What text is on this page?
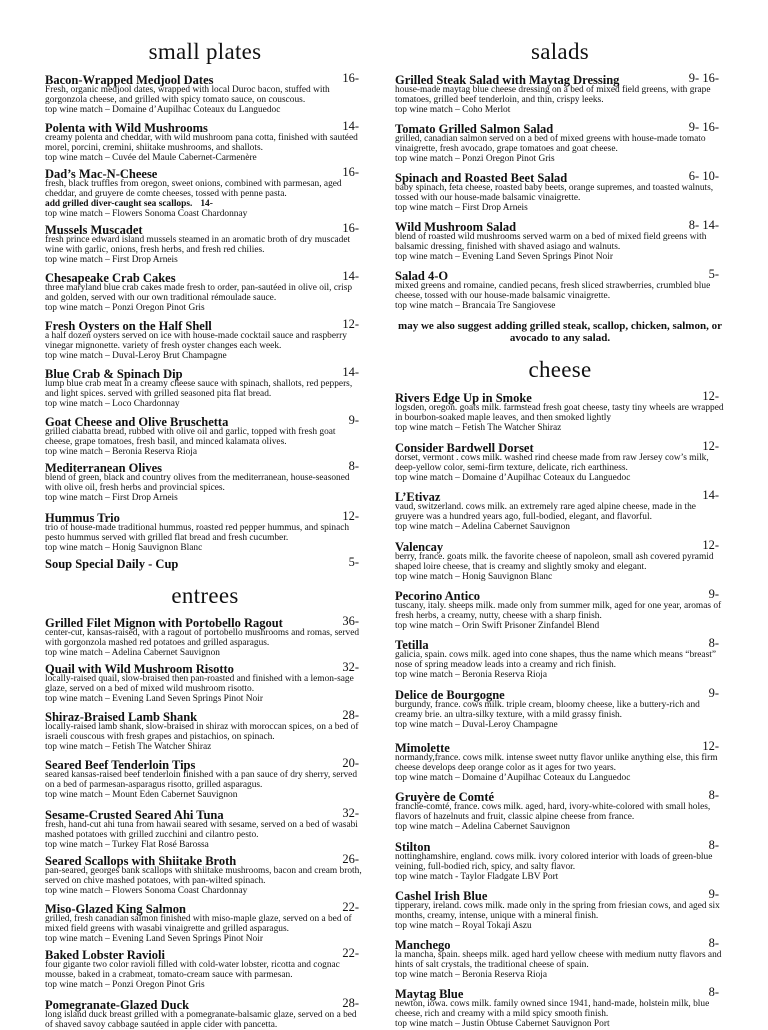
small plates
Bacon-Wrapped Medjool Dates	16-
Fresh, organic medjool dates, wrapped with local Duroc bacon, stuffed with gorgonzola cheese, and grilled with spicy tomato sauce, on couscous.
top wine match – Domaine d’Aupilhac Coteaux du Languedoc
Polenta with Wild Mushrooms	14-
creamy polenta and cheddar, with wild mushroom pana cotta, finished with sautéed morel, porcini, cremini, shiitake mushrooms, and shallots.
top wine match – Cuvée del Maule Cabernet-Carmenère
Dad’s Mac-N-Cheese	16-
fresh, black truffles from oregon, sweet onions, combined with parmesan, aged cheddar, and gruyere de comte cheeses, tossed with penne pasta.
add grilled diver-caught sea scallops. 14-
top wine match – Flowers Sonoma Coast Chardonnay
Mussels Muscadet	16-
fresh prince edward island mussels steamed in an aromatic broth of dry muscadet wine with garlic, onions, fresh herbs, and fresh red chilies.
top wine match – First Drop Arneis
Chesapeake Crab Cakes	14-
three maryland blue crab cakes made fresh to order, pan-sautéed in olive oil, crisp and golden, served with our own traditional rémoulade sauce.
top wine match – Ponzi Oregon Pinot Gris
Fresh Oysters on the Half Shell	12-
a half dozen oysters served on ice with house-made cocktail sauce and raspberry vinegar mignonette. variety of fresh oyster changes each week.
top wine match – Duval-Leroy Brut Champagne
Blue Crab & Spinach Dip	14-
lump blue crab meat in a creamy cheese sauce with spinach, shallots, red peppers, and light spices. served with grilled seasoned pita flat bread.
top wine match – Loco Chardonnay
Goat Cheese and Olive Bruschetta	9-
grilled ciabatta bread, rubbed with olive oil and garlic, topped with fresh goat cheese, grape tomatoes, fresh basil, and minced kalamata olives.
top wine match – Beronia Reserva Rioja
Mediterranean Olives	8-
blend of green, black and country olives from the mediterranean, house-seasoned with olive oil, fresh herbs and provincial spices.
top wine match – First Drop Arneis
Hummus Trio	12-
trio of house-made traditional hummus, roasted red pepper hummus, and spinach pesto hummus served with grilled flat bread and fresh cucumber.
top wine match – Honig Sauvignon Blanc
Soup Special Daily - Cup	5-
entrees
Grilled Filet Mignon with Portobello Ragout	36-
center-cut, kansas-raised, with a ragout of portobello mushrooms and romas, served with gorgonzola mashed red potatoes and grilled asparagus.
top wine match – Adelina Cabernet Sauvignon
Quail with Wild Mushroom Risotto	32-
locally-raised quail, slow-braised then pan-roasted and finished with a lemon-sage glaze, served on a bed of mixed wild mushroom risotto.
top wine match – Evening Land Seven Springs Pinot Noir
Shiraz-Braised Lamb Shank	28-
locally-raised lamb shank, slow-braised in shiraz with moroccan spices, on a bed of israeli couscous with fresh grapes and pistachios, on spinach.
top wine match – Fetish The Watcher Shiraz
Seared Beef Tenderloin Tips	20-
seared kansas-raised beef tenderloin finished with a pan sauce of dry sherry, served on a bed of parmesan-asparagus risotto, grilled asparagus.
top wine match – Mount Eden Cabernet Sauvignon
Sesame-Crusted Seared Ahi Tuna	32-
fresh, hand-cut ahi tuna from hawaii seared with sesame, served on a bed of wasabi mashed potatoes with grilled zucchini and cilantro pesto.
top wine match – Turkey Flat Rosé Barossa
Seared Scallops with Shiitake Broth	26-
pan-seared, georges bank scallops with shiitake mushrooms, bacon and cream broth, served on chive mashed potatoes, with pan-wilted spinach.
top wine match – Flowers Sonoma Coast Chardonnay
Miso-Glazed King Salmon	22-
grilled, fresh canadian salmon finished with miso-maple glaze, served on a bed of mixed field greens with wasabi vinaigrette and grilled asparagus.
top wine match – Evening Land Seven Springs Pinot Noir
Baked Lobster Ravioli	22-
four gigante two color ravioli filled with cold-water lobster, ricotta and cognac mousse, baked in a crabmeat, tomato-cream sauce with parmesan.
top wine match – Ponzi Oregon Pinot Gris
Pomegranate-Glazed Duck	28-
long island duck breast grilled with a pomegranate-balsamic glaze, served on a bed of shaved savoy cabbage sautéed in apple cider with pancetta.
salads
Grilled Steak Salad with Maytag Dressing	9- 16-
house-made maytag blue cheese dressing on a bed of mixed field greens, with grape tomatoes, grilled beef tenderloin, and thin, crispy leeks.
top wine match – Coho Merlot
Tomato Grilled Salmon Salad	9- 16-
grilled, canadian salmon served on a bed of mixed greens with house-made tomato vinaigrette, fresh avocado, grape tomatoes and goat cheese.
top wine match – Ponzi Oregon Pinot Gris
Spinach and Roasted Beet Salad	6- 10-
baby spinach, feta cheese, roasted baby beets, orange supremes, and toasted walnuts, tossed with our house-made balsamic vinaigrette.
top wine match – First Drop Arneis
Wild Mushroom Salad	8- 14-
blend of roasted wild mushrooms served warm on a bed of mixed field greens with balsamic dressing, finished with shaved asiago and walnuts.
top wine match – Evening Land Seven Springs Pinot Noir
Salad 4-O	5-
mixed greens and romaine, candied pecans, fresh sliced strawberries, crumbled blue cheese, tossed with our house-made balsamic vinaigrette.
top wine match – Brancaia Tre Sangiovese
may we also suggest adding grilled steak, scallop, chicken, salmon, or avocado to any salad.
cheese
Rivers Edge Up in Smoke	12-
logsden, oregon. goats milk. farmstead fresh goat cheese, tasty tiny wheels are wrapped in bourbon-soaked maple leaves, and then smoked lightly
top wine match – Fetish The Watcher Shiraz
Consider Bardwell Dorset	12-
dorset, vermont . cows milk. washed rind cheese made from raw Jersey cow’s milk, deep-yellow color, semi-firm texture, delicate, rich earthiness.
top wine match – Domaine d’Aupilhac Coteaux du Languedoc
L’Etivaz	14-
vaud, switzerland. cows milk. an extremely rare aged alpine cheese, made in the gruyere was a hundred years ago, full-bodied, elegant, and flavorful.
top wine match – Adelina Cabernet Sauvignon
Valencay	12-
berry, france. goats milk. the favorite cheese of napoleon, small ash covered pyramid shaped loire cheese, that is creamy and slightly smoky and elegant.
top wine match – Honig Sauvignon Blanc
Pecorino Antico	9-
tuscany, italy. sheeps milk. made only from summer milk, aged for one year, aromas of fresh herbs, a creamy, nutty, cheese with a sharp finish.
top wine match – Orin Swift Prisoner Zinfandel Blend
Tetilla	8-
galicia, spain. cows milk. aged into cone shapes, thus the name which means “breast” nose of spring meadow leads into a creamy and rich finish.
top wine match – Beronia Reserva Rioja
Delice de Bourgogne	9-
burgundy, france. cows milk. triple cream, bloomy cheese, like a buttery-rich and creamy brie. an ultra-silky texture, with a mild grassy finish.
top wine match – Duval-Leroy Champagne
Mimolette	12-
normandy,france. cows milk. intense sweet nutty flavor unlike anything else, this firm cheese develops deep orange color as it ages for two years.
top wine match – Domaine d’Aupilhac Coteaux du Languedoc
Gruyère de Comté	8-
franche-comté, france. cows milk. aged, hard, ivory-white-colored with small holes, flavors of hazelnuts and fruit, classic alpine cheese from france.
top wine match – Adelina Cabernet Sauvignon
Stilton	8-
nottinghamshire, england. cows milk. ivory colored interior with loads of green-blue veining, full-bodied rich, spicy, and salty flavor.
top wine match - Taylor Fladgate LBV Port
Cashel Irish Blue	9-
tipperary, ireland. cows milk. made only in the spring from friesian cows, and aged six months, creamy, intense, unique with a mineral finish.
top wine match – Royal Tokaji Aszu
Manchego	8-
la mancha, spain. sheeps milk. aged hard yellow cheese with medium nutty flavors and hints of salt crystals, the traditional cheese of spain.
top wine match – Beronia Reserva Rioja
Maytag Blue	8-
newton, iowa. cows milk. family owned since 1941, hand-made, holstein milk, blue cheese, rich and creamy with a mild spicy smooth finish.
top wine match – Justin Obtuse Cabernet Sauvignon Port
